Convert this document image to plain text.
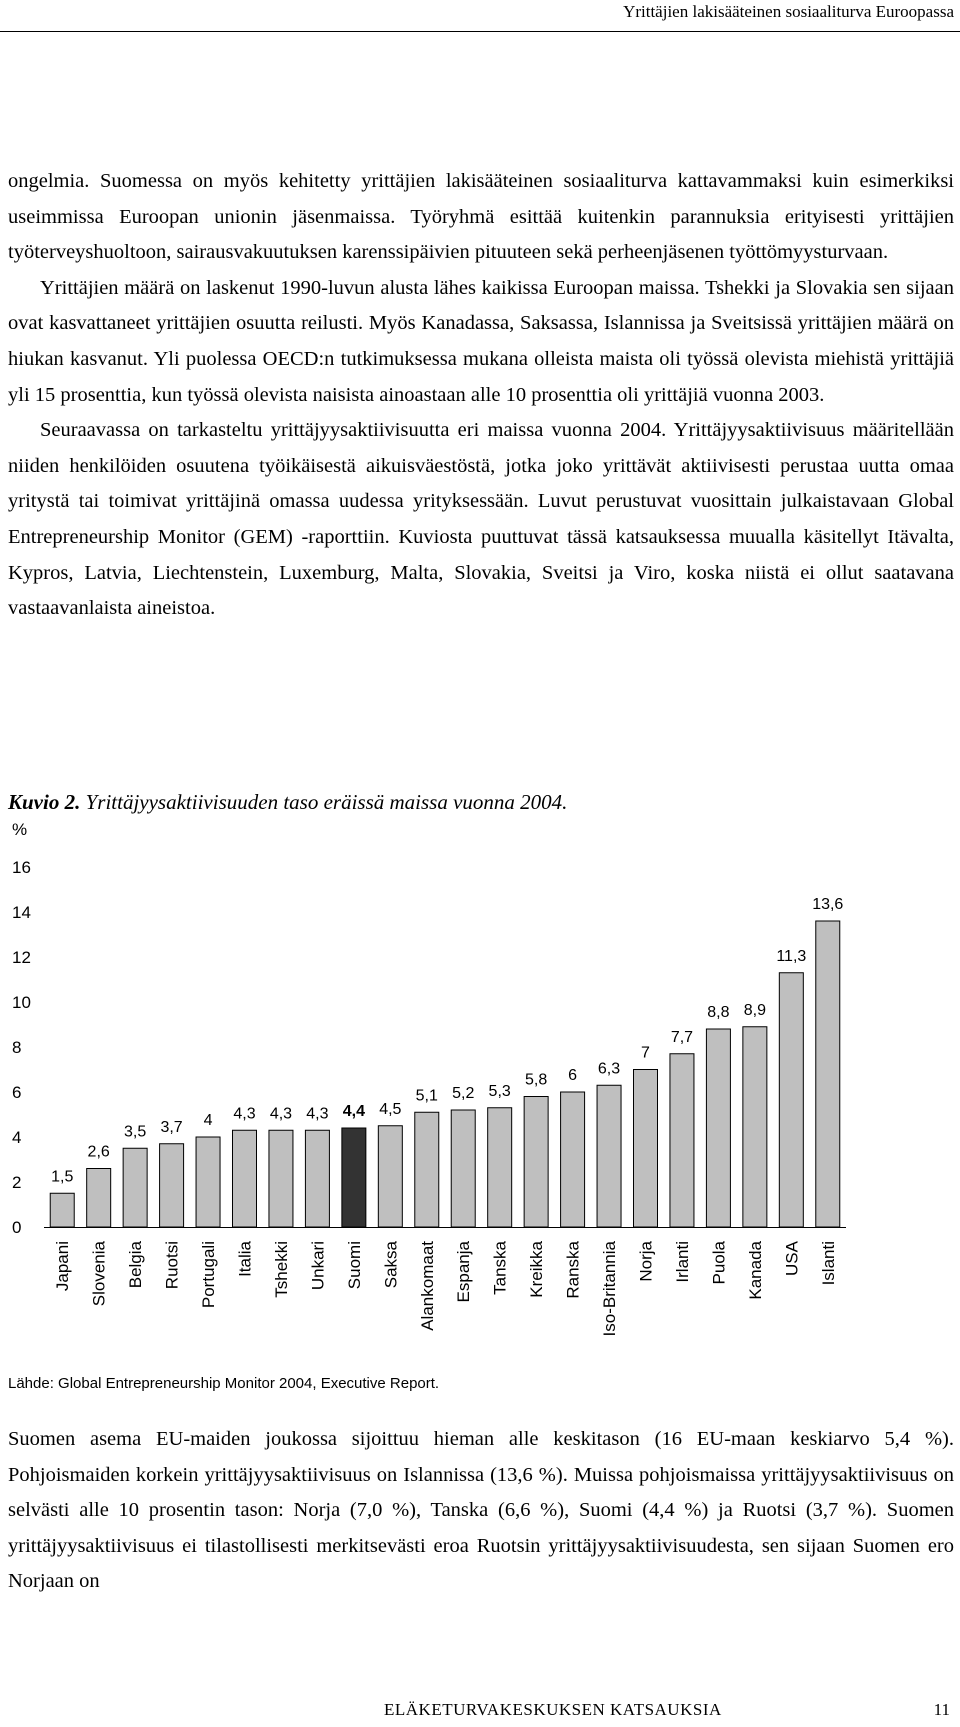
Yrittäjien lakisääteinen sosiaaliturva Euroopassa

ongelmia. Suomessa on myös kehitetty yrittäjien lakisääteinen sosiaaliturva kattavammaksi kuin esimerkiksi useimmissa Euroopan unionin jäsenmaissa. Työryhmä esittää kuitenkin parannuksia erityisesti yrittäjien työterveyshuoltoon, sairausvakuutuksen karenssipäivien pituuteen sekä perheenjäsenen työttömyysturvaan.

Yrittäjien määrä on laskenut 1990-luvun alusta lähes kaikissa Euroopan maissa. Tshekki ja Slovakia sen sijaan ovat kasvattaneet yrittäjien osuutta reilusti. Myös Kanadassa, Saksassa, Islannissa ja Sveitsissä yrittäjien määrä on hiukan kasvanut. Yli puolessa OECD:n tutkimuksessa mukana olleista maista oli työssä olevista miehistä yrittäjiä yli 15 prosenttia, kun työssä olevista naisista ainoastaan alle 10 prosenttia oli yrittäjiä vuonna 2003.

Seuraavassa on tarkasteltu yrittäjyysaktiivisuutta eri maissa vuonna 2004. Yrittäjyysaktiivisuus määritellään niiden henkilöiden osuutena työikäisestä aikuisväestöstä, jotka joko yrittävät aktiivisesti perustaa uutta omaa yritystä tai toimivat yrittäjinä omassa uudessa yrityksessään. Luvut perustuvat vuosittain julkaistavaan Global Entrepreneurship Monitor (GEM) -raporttiin. Kuviosta puuttuvat tässä katsauksessa muualla käsitellyt Itävalta, Kypros, Latvia, Liechtenstein, Luxemburg, Malta, Slovakia, Sveitsi ja Viro, koska niistä ei ollut saatavana vastaavanlaista aineistoa.

Kuvio 2. Yrittäjyysaktiivisuuden taso eräissä maissa vuonna 2004.
%
0
2
4
6
8
10
12
14
16
1,5
Japani
2,6
Slovenia
3,5
Belgia
3,7
Ruotsi
4
Portugali
4,3
Italia
4,3
Tshekki
4,3
Unkari
4,4
Suomi
4,5
Saksa
5,1
Alankomaat
5,2
Espanja
5,3
Tanska
5,8
Kreikka
6
Ranska
6,3
Iso-Britannia
7
Norja
7,7
Irlanti
8,8
Puola
8,9
Kanada
11,3
USA
13,6
Islanti
Lähde: Global Entrepreneurship Monitor 2004, Executive Report.

Suomen asema EU-maiden joukossa sijoittuu hieman alle keskitason (16 EU-maan keskiarvo 5,4 %). Pohjoismaiden korkein yrittäjyysaktiivisuus on Islannissa (13,6 %). Muissa pohjoismaissa yrittäjyysaktiivisuus on selvästi alle 10 prosentin tason: Norja (7,0 %), Tanska (6,6 %), Suomi (4,4 %) ja Ruotsi (3,7 %). Suomen yrittäjyysaktiivisuus ei tilastollisesti merkitsevästi eroa Ruotsin yrittäjyysaktiivisuudesta, sen sijaan Suomen ero Norjaan on

ELÄKETURVAKESKUKSEN KATSAUKSIA	11
